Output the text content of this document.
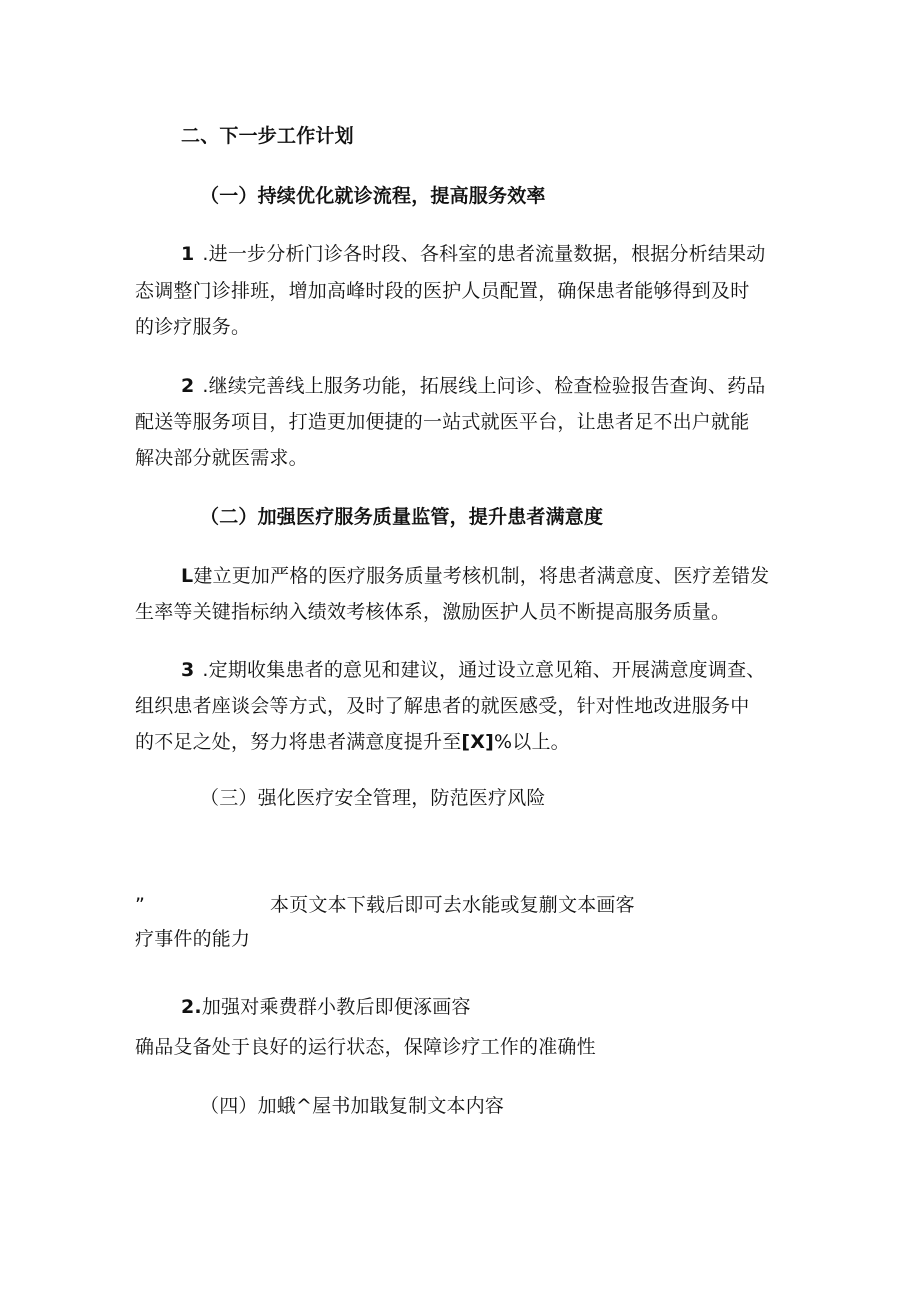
二、下一步工作计划
（一）持续优化就诊流程，提高服务效率
1 .进一步分析门诊各时段、各科室的患者流量数据，根据分析结果动
态调整门诊排班，增加高峰时段的医护人员配置，确保患者能够得到及时
的诊疗服务。
2 .继续完善线上服务功能，拓展线上问诊、检查检验报告查询、药品
配送等服务项目，打造更加便捷的一站式就医平台，让患者足不出户就能
解决部分就医需求。
（二）加强医疗服务质量监管，提升患者满意度
L建立更加严格的医疗服务质量考核机制，将患者满意度、医疗差错发
生率等关键指标纳入绩效考核体系，激励医护人员不断提高服务质量。
3 .定期收集患者的意见和建议，通过设立意见箱、开展满意度调查、
组织患者座谈会等方式，及时了解患者的就医感受，针对性地改进服务中
的不足之处，努力将患者满意度提升至[X]%以上。
（三）强化医疗安全管理，防范医疗风险
”	本页文本下载后即可去水能或复蒯文本画客
疗事件的能力
2.加强对乘费群小教后即便涿画容
确品殳备处于良好的运行状态，保障诊疗工作的准确性
（四）加蛾^屋书加戢复制文本内容
